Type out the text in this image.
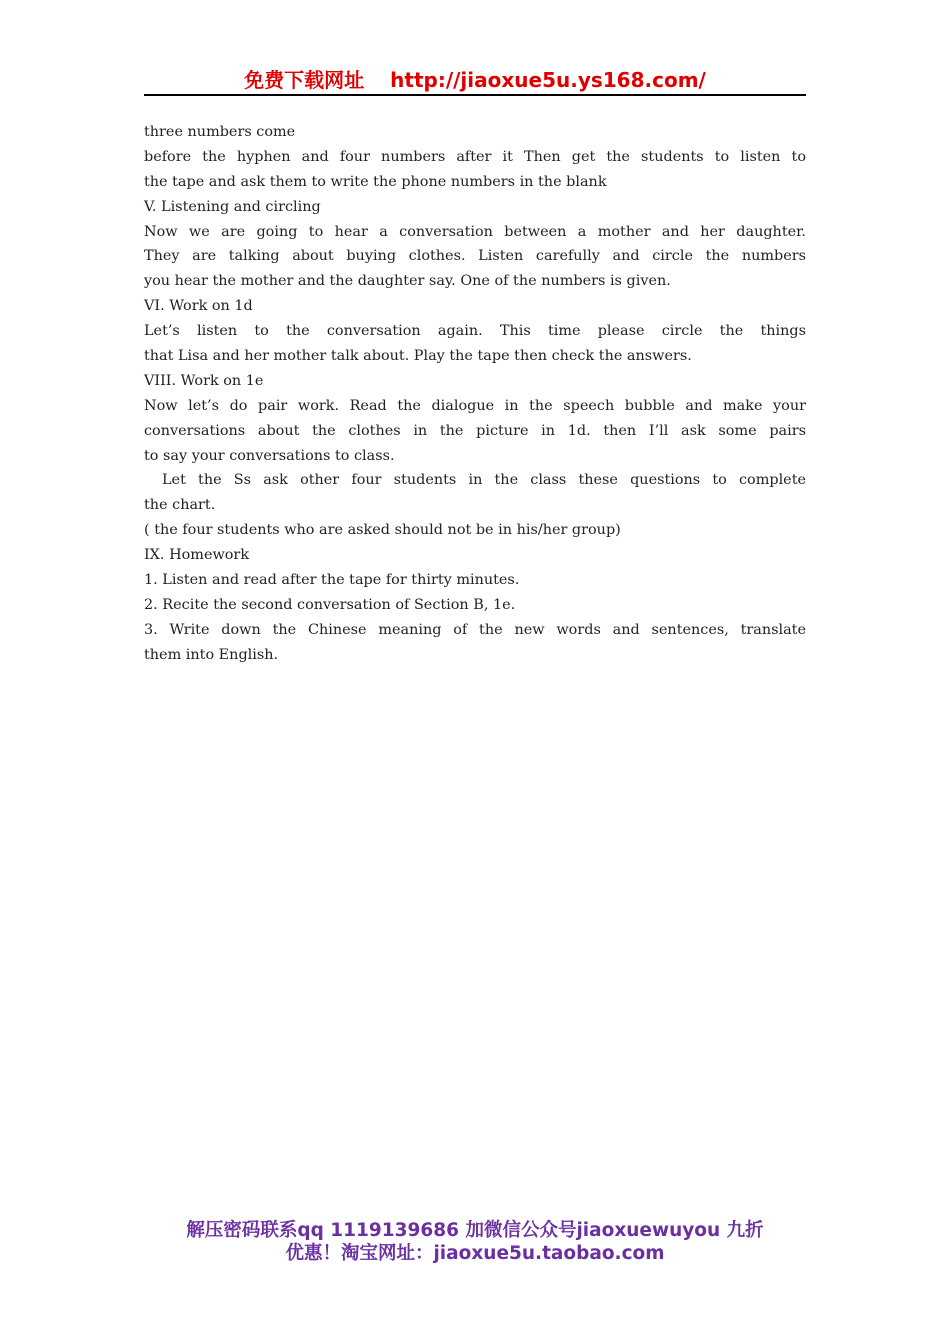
免费下载网址 http://jiaoxue5u.ys168.com/
three numbers come
before the hyphen and four numbers after it Then get the students to listen to
the tape and ask them to write the phone numbers in the blank
V. Listening and circling
Now we are going to hear a conversation between a mother and her daughter.
They are talking about buying clothes. Listen carefully and circle the numbers
you hear the mother and the daughter say. One of the numbers is given.
VI. Work on 1d
Let’s listen to the conversation again. This time please circle the things
that Lisa and her mother talk about. Play the tape then check the answers.
VIII. Work on 1e
Now let’s do pair work. Read the dialogue in the speech bubble and make your
conversations about the clothes in the picture in 1d. then I’ll ask some pairs
to say your conversations to class.
Let the Ss ask other four students in the class these questions to complete
the chart.
( the four students who are asked should not be in his/her group)
IX. Homework
1. Listen and read after the tape for thirty minutes.
2. Recite the second conversation of Section B, 1e.
3. Write down the Chinese meaning of the new words and sentences, translate
them into English.
解压密码联系qq 1119139686 加微信公众号jiaoxuewuyou 九折
优惠！淘宝网址：jiaoxue5u.taobao.com
